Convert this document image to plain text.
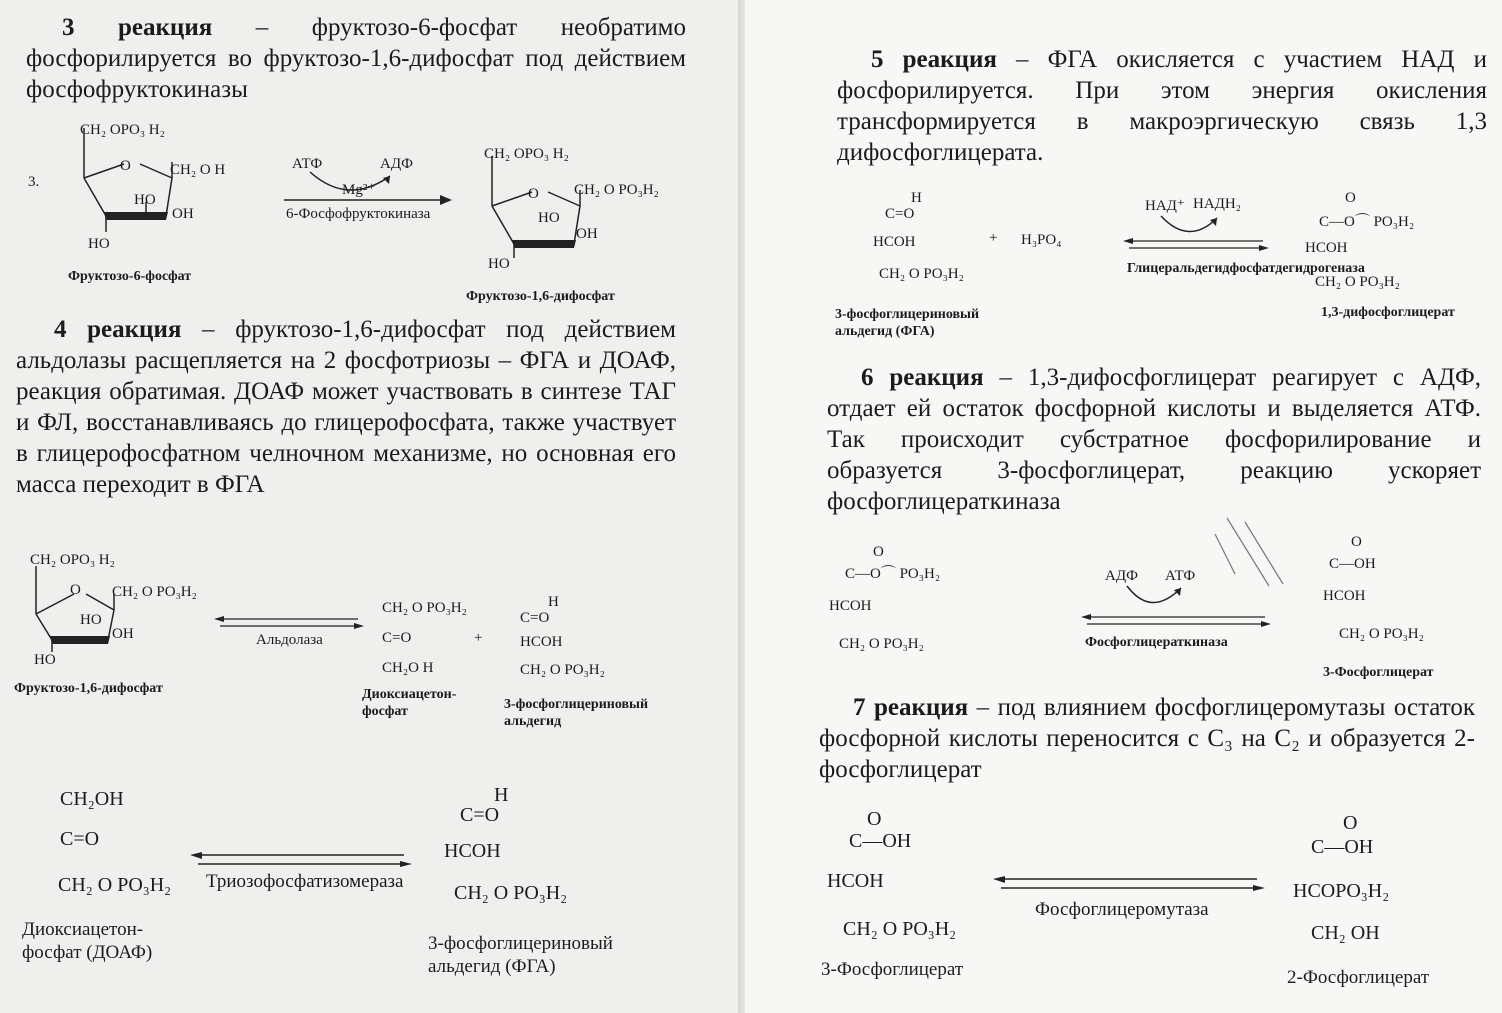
3 реакция – фруктозо-6-фосфат необратимо фосфорилируется во фруктозо-1,6-дифосфат под действием фосфофруктокиназы
3.
CH₂ OPO₃ H₂
O	CH₂ O H
HO
OH
HO
Фруктозо-6-фосфат
АТФ	АДФ
Mg²⁺
6-Фосфофруктокиназа
CH₂ OPO₃ H₂
O CH₂ O PO₃H₂
HO
OH
HO
Фруктозо-1,6-дифосфат
4 реакция – фруктозо-1,6-дифосфат под действием альдолазы расщепляется на 2 фосфотриозы – ФГА и ДОАФ, реакция обратимая. ДОАФ может участвовать в синтезе ТАГ и ФЛ, восстанавливаясь до глицерофосфата, также участвует в глицерофосфатном челночном механизме, но основная его масса переходит в ФГА
CH₂ OPO₃ H₂
O CH₂ O PO₃H₂
HO
OH
HO
Фруктозо-1,6-дифосфат
Альдолаза
CH₂ O PO₃H₂
C=O
CH₂O H
Диоксиацетон-фосфат
+
H
C=O
HCOH
CH₂ O PO₃H₂
3-фосфоглицериновый альдегид
CH₂OH
C=O
CH₂ O PO₃H₂
Диоксиацетон-фосфат (ДОАФ)
Триозофосфатизомераза
H
C=O
HCOH
CH₂ O PO₃H₂
3-фосфоглицериновый альдегид (ФГА)
5 реакция – ФГА окисляется с участием НАД и фосфорилируется. При этом энергия окисления трансформируется в макроэргическую связь 1,3 дифосфоглицерата.
H
C=O
HCOH
CH₂ O PO₃H₂
3-фосфоглицериновый альдегид (ФГА)
+ H₃PO₄
НАД⁺ НАДН₂
Глицеральдегидфосфатдегидрогеназа
O
C—O⌒ PO₃H₂
HCOH
CH₂ O PO₃H₂
1,3-дифосфоглицерат
6 реакция – 1,3-дифосфоглицерат реагирует с АДФ, отдает ей остаток фосфорной кислоты и выделяется АТФ. Так происходит субстратное фосфорилирование и образуется 3-фосфоглицерат, реакцию ускоряет фосфоглицераткиназа
O
C—O⌒ PO₃H₂
HCOH
CH₂ O PO₃H₂
АДФ АТФ
Фосфоглицераткиназа
O
C—OH
HCOH
CH₂ O PO₃H₂
3-Фосфоглицерат
7 реакция – под влиянием фосфоглицеромутазы остаток фосфорной кислоты переносится с C₃ на C₂ и образуется 2-фосфоглицерат
O
C—OH
HCOH
CH₂ O PO₃H₂
3-Фосфоглицерат
Фосфоглицеромутаза
O
C—OH
HCOPO₃H₂
CH₂ OH
2-Фосфоглицерат
